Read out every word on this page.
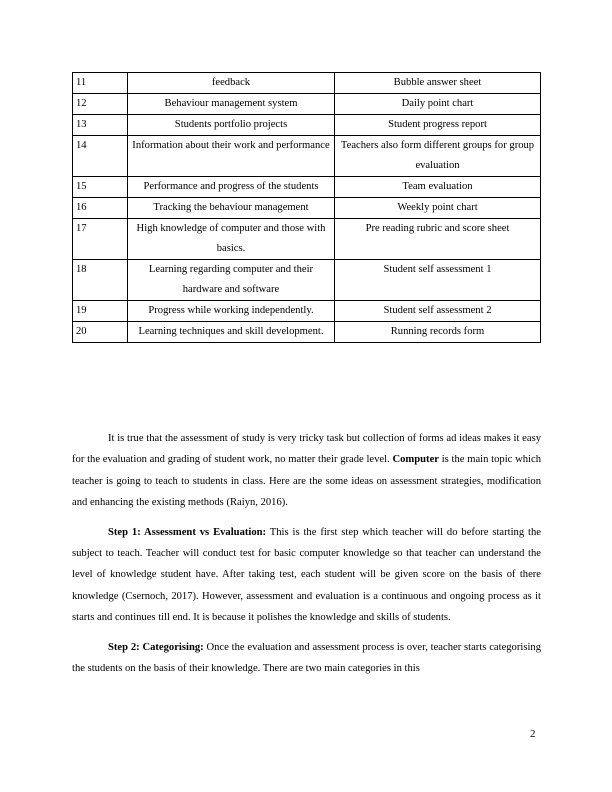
11	feedback	Bubble answer sheet
12	Behaviour management system	Daily point chart
13	Students portfolio projects	Student progress report
14	Information about their work and performance	Teachers also form different groups for group evaluation
15	Performance and progress of the students	Team evaluation
16	Tracking the behaviour management	Weekly point chart
17	High knowledge of computer and those with basics.	Pre reading rubric and score sheet
18	Learning regarding computer and their hardware and software	Student self assessment 1
19	Progress while working independently.	Student self assessment 2
20	Learning techniques and skill development.	Running records form

It is true that the assessment of study is very tricky task but collection of forms ad ideas makes it easy for the evaluation and grading of student work, no matter their grade level. Computer is the main topic which teacher is going to teach to students in class. Here are the some ideas on assessment strategies, modification and enhancing the existing methods (Raiyn, 2016).

Step 1: Assessment vs Evaluation: This is the first step which teacher will do before starting the subject to teach. Teacher will conduct test for basic computer knowledge so that teacher can understand the level of knowledge student have. After taking test, each student will be given score on the basis of there knowledge (Csernoch, 2017). However, assessment and evaluation is a continuous and ongoing process as it starts and continues till end. It is because it polishes the knowledge and skills of students.

Step 2: Categorising: Once the evaluation and assessment process is over, teacher starts categorising the students on the basis of their knowledge. There are two main categories in this

2
